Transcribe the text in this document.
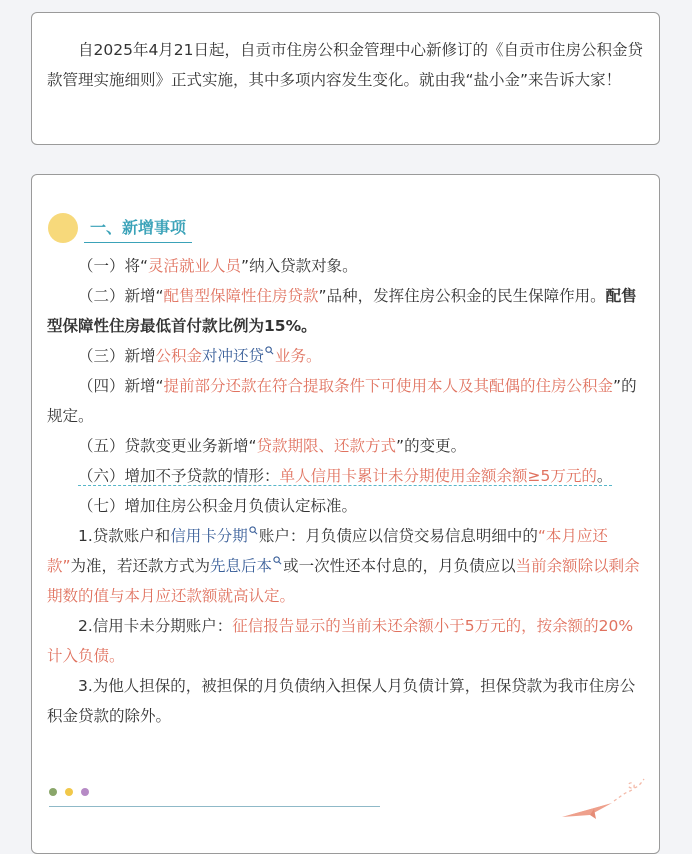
自2025年4月21日起，自贡市住房公积金管理中心新修订的《自贡市住房公积金贷款管理实施细则》正式实施，其中多项内容发生变化。就由我“盐小金”来告诉大家！

一、新增事项

（一）将“灵活就业人员”纳入贷款对象。

（二）新增“配售型保障性住房贷款”品种，发挥住房公积金的民生保障作用。配售型保障性住房最低首付款比例为15%。

（三）新增公积金对冲还贷 业务。

（四）新增“提前部分还款在符合提取条件下可使用本人及其配偶的住房公积金”的规定。

（五）贷款变更业务新增“贷款期限、还款方式”的变更。

（六）增加不予贷款的情形：单人信用卡累计未分期使用金额余额≥5万元的。

（七）增加住房公积金月负债认定标准。

1.贷款账户和信用卡分期 账户：月负债应以信贷交易信息明细中的“本月应还款”为准，若还款方式为先息后本 或一次性还本付息的，月负债应以当前余额除以剩余期数的值与本月应还款额就高认定。

2.信用卡未分期账户：征信报告显示的当前未还余额小于5万元的，按余额的20%计入负债。

3.为他人担保的，被担保的月负债纳入担保人月负债计算，担保贷款为我市住房公积金贷款的除外。
